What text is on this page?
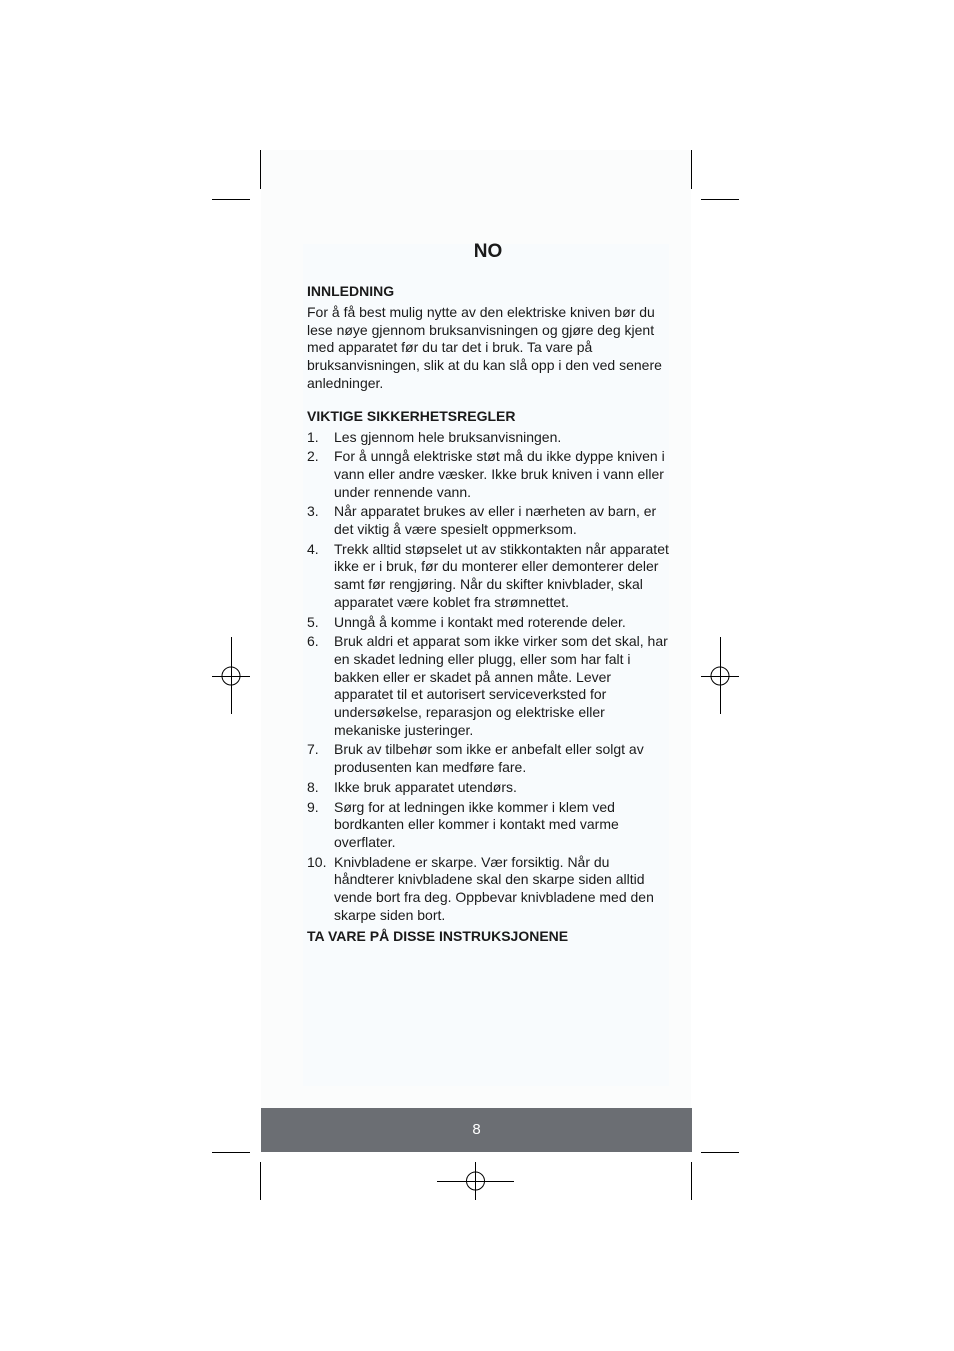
NO
INNLEDNING
For å få best mulig nytte av den elektriske kniven bør du lese nøye gjennom bruksanvisningen og gjøre deg kjent med apparatet før du tar det i bruk. Ta vare på bruksanvisningen, slik at du kan slå opp i den ved senere anledninger.
VIKTIGE SIKKERHETSREGLER
1. Les gjennom hele bruksanvisningen.
2. For å unngå elektriske støt må du ikke dyppe kniven i vann eller andre væsker. Ikke bruk kniven i vann eller under rennende vann.
3. Når apparatet brukes av eller i nærheten av barn, er det viktig å være spesielt oppmerksom.
4. Trekk alltid støpselet ut av stikkontakten når apparatet ikke er i bruk, før du monterer eller demonterer deler samt før rengjøring. Når du skifter knivblader, skal apparatet være koblet fra strømnettet.
5. Unngå å komme i kontakt med roterende deler.
6. Bruk aldri et apparat som ikke virker som det skal, har en skadet ledning eller plugg, eller som har falt i bakken eller er skadet på annen måte. Lever apparatet til et autorisert serviceverksted for undersøkelse, reparasjon og elektriske eller mekaniske justeringer.
7. Bruk av tilbehør som ikke er anbefalt eller solgt av produsenten kan medføre fare.
8. Ikke bruk apparatet utendørs.
9. Sørg for at ledningen ikke kommer i klem ved bordkanten eller kommer i kontakt med varme overflater.
10. Knivbladene er skarpe. Vær forsiktig. Når du håndterer knivbladene skal den skarpe siden alltid vende bort fra deg. Oppbevar knivbladene med den skarpe siden bort.
TA VARE PÅ DISSE INSTRUKSJONENE
8
